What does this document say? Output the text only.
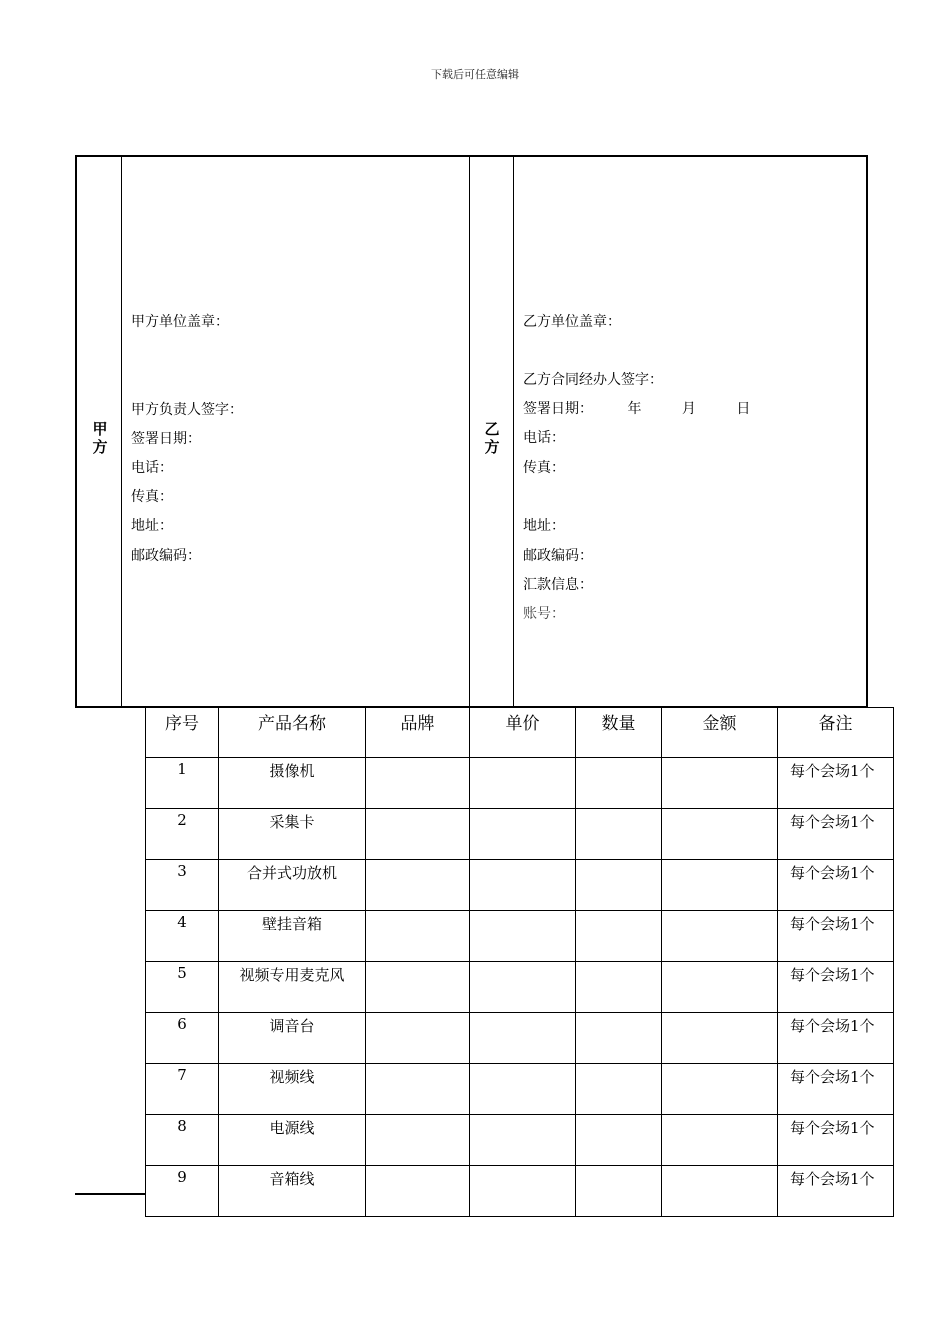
下载后可任意编辑
甲
方
乙
方
甲方单位盖章：
甲方负责人签字：
签署日期：
电话：
传真：
地址：
邮政编码：
乙方单位盖章：
乙方合同经办人签字：
签署日期： 年	月	日
电话：
传真：
地址：
邮政编码：
汇款信息：
账号：
序号	产品名称	品牌	单价	数量	金额	备注
1	摄像机					每个会场1个
2	采集卡					每个会场1个
3	合并式功放机					每个会场1个
4	壁挂音箱					每个会场1个
5	视频专用麦克风					每个会场1个
6	调音台					每个会场1个
7	视频线					每个会场1个
8	电源线					每个会场1个
9	音箱线					每个会场1个
